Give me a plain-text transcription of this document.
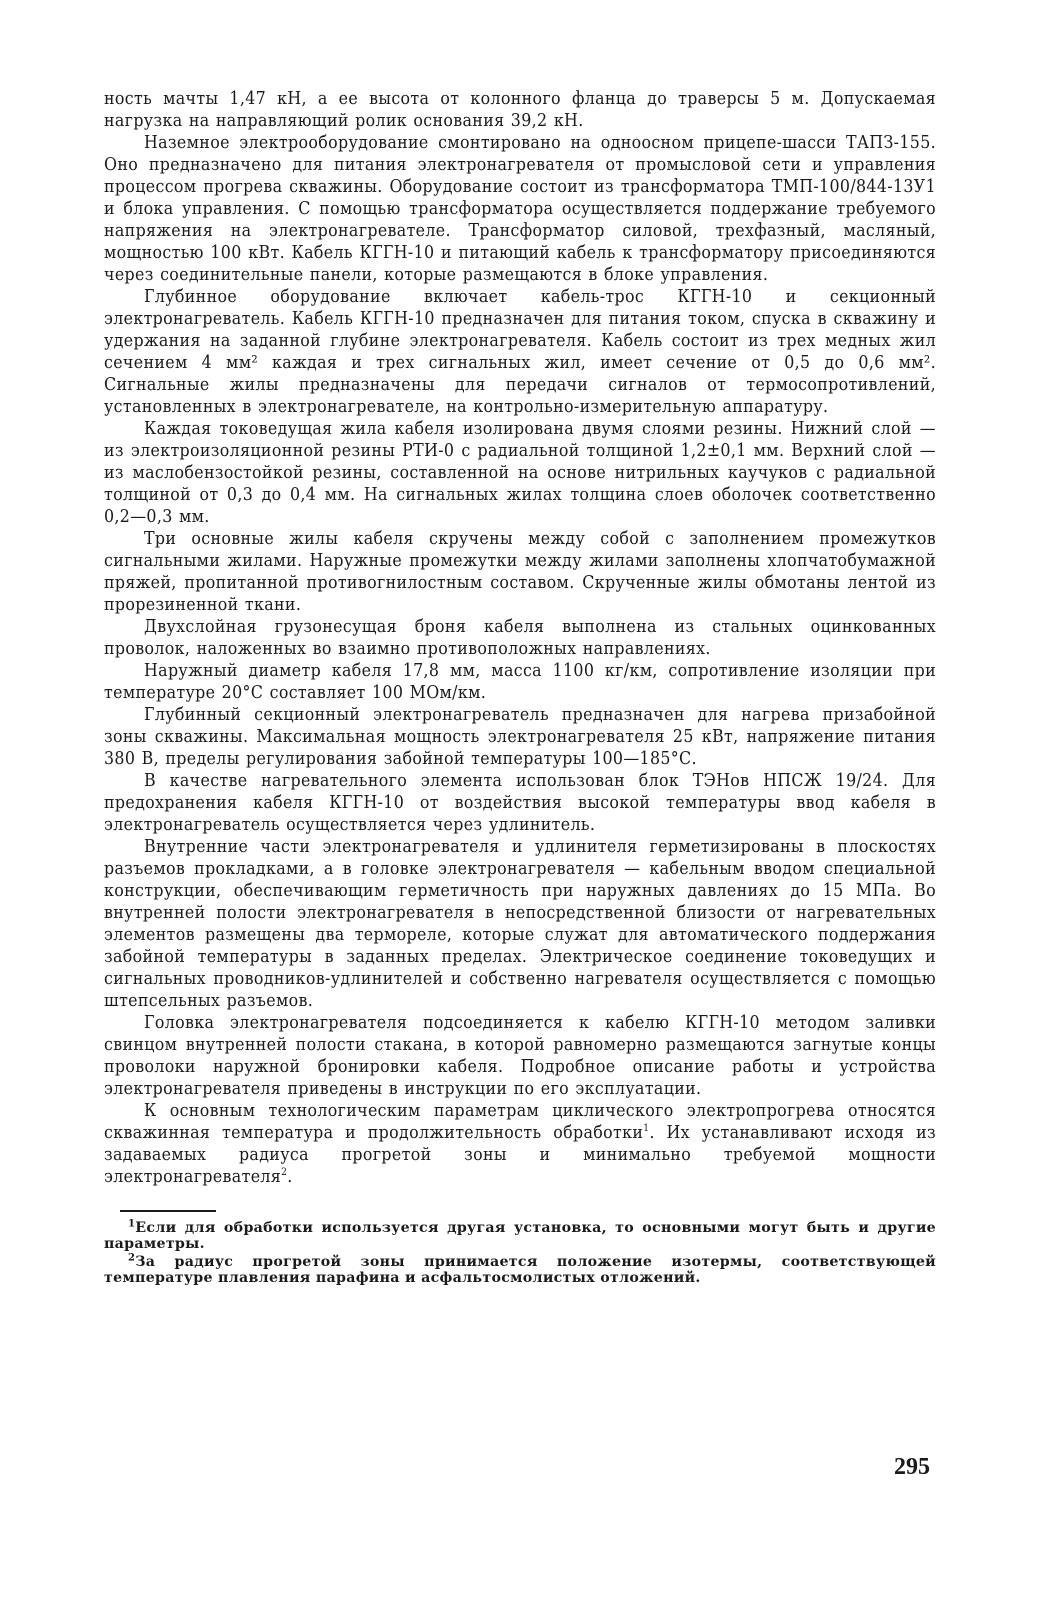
ность мачты 1,47 кН, а ее высота от колонного фланца до траверсы 5 м. Допускаемая нагрузка на направляющий ролик основания 39,2 кН.

Наземное электрооборудование смонтировано на одноосном прицепе-шасси ТАПЗ-155. Оно предназначено для питания электронагревателя от промысловой сети и управления процессом прогрева скважины. Оборудование состоит из трансформатора ТМП-100/844-13У1 и блока управления. С помощью трансформатора осуществляется поддержание требуемого напряжения на электронагревателе. Трансформатор силовой, трехфазный, масляный, мощностью 100 кВт. Кабель КГГН-10 и питающий кабель к трансформатору присоединяются через соединительные панели, которые размещаются в блоке управления.

Глубинное оборудование включает кабель-трос КГГН-10 и секционный электронагреватель. Кабель КГГН-10 предназначен для питания током, спуска в скважину и удержания на заданной глубине электронагревателя. Кабель состоит из трех медных жил сечением 4 мм² каждая и трех сигнальных жил, имеет сечение от 0,5 до 0,6 мм². Сигнальные жилы предназначены для передачи сигналов от термосопротивлений, установленных в электронагревателе, на контрольно-измерительную аппаратуру.

Каждая токоведущая жила кабеля изолирована двумя слоями резины. Нижний слой — из электроизоляционной резины РТИ-0 с радиальной толщиной 1,2±0,1 мм. Верхний слой — из маслобензостойкой резины, составленной на основе нитрильных каучуков с радиальной толщиной от 0,3 до 0,4 мм. На сигнальных жилах толщина слоев оболочек соответственно 0,2—0,3 мм.

Три основные жилы кабеля скручены между собой с заполнением промежутков сигнальными жилами. Наружные промежутки между жилами заполнены хлопчатобумажной пряжей, пропитанной противогнилостным составом. Скрученные жилы обмотаны лентой из прорезиненной ткани.

Двухслойная грузонесущая броня кабеля выполнена из стальных оцинкованных проволок, наложенных во взаимно противоположных направлениях.

Наружный диаметр кабеля 17,8 мм, масса 1100 кг/км, сопротивление изоляции при температуре 20°С составляет 100 МОм/км.

Глубинный секционный электронагреватель предназначен для нагрева призабойной зоны скважины. Максимальная мощность электронагревателя 25 кВт, напряжение питания 380 В, пределы регулирования забойной температуры 100—185°С.

В качестве нагревательного элемента использован блок ТЭНов НПСЖ 19/24. Для предохранения кабеля КГГН-10 от воздействия высокой температуры ввод кабеля в электронагреватель осуществляется через удлинитель.

Внутренние части электронагревателя и удлинителя герметизированы в плоскостях разъемов прокладками, а в головке электронагревателя — кабельным вводом специальной конструкции, обеспечивающим герметичность при наружных давлениях до 15 МПа. Во внутренней полости электронагревателя в непосредственной близости от нагревательных элементов размещены два термореле, которые служат для автоматического поддержания забойной температуры в заданных пределах. Электрическое соединение токоведущих и сигнальных проводников-удлинителей и собственно нагревателя осуществляется с помощью штепсельных разъемов.

Головка электронагревателя подсоединяется к кабелю КГГН-10 методом заливки свинцом внутренней полости стакана, в которой равномерно размещаются загнутые концы проволоки наружной бронировки кабеля. Подробное описание работы и устройства электронагревателя приведены в инструкции по его эксплуатации.

К основным технологическим параметрам циклического электропрогрева относятся скважинная температура и продолжительность обработки$^1$. Их устанавливают исходя из задаваемых радиуса прогретой зоны и минимально требуемой мощности электронагревателя$^2$.

$^1$Если для обработки используется другая установка, то основными могут быть и другие параметры.

$^2$За радиус прогретой зоны принимается положение изотермы, соответствующей температуре плавления парафина и асфальтосмолистых отложений.

295
